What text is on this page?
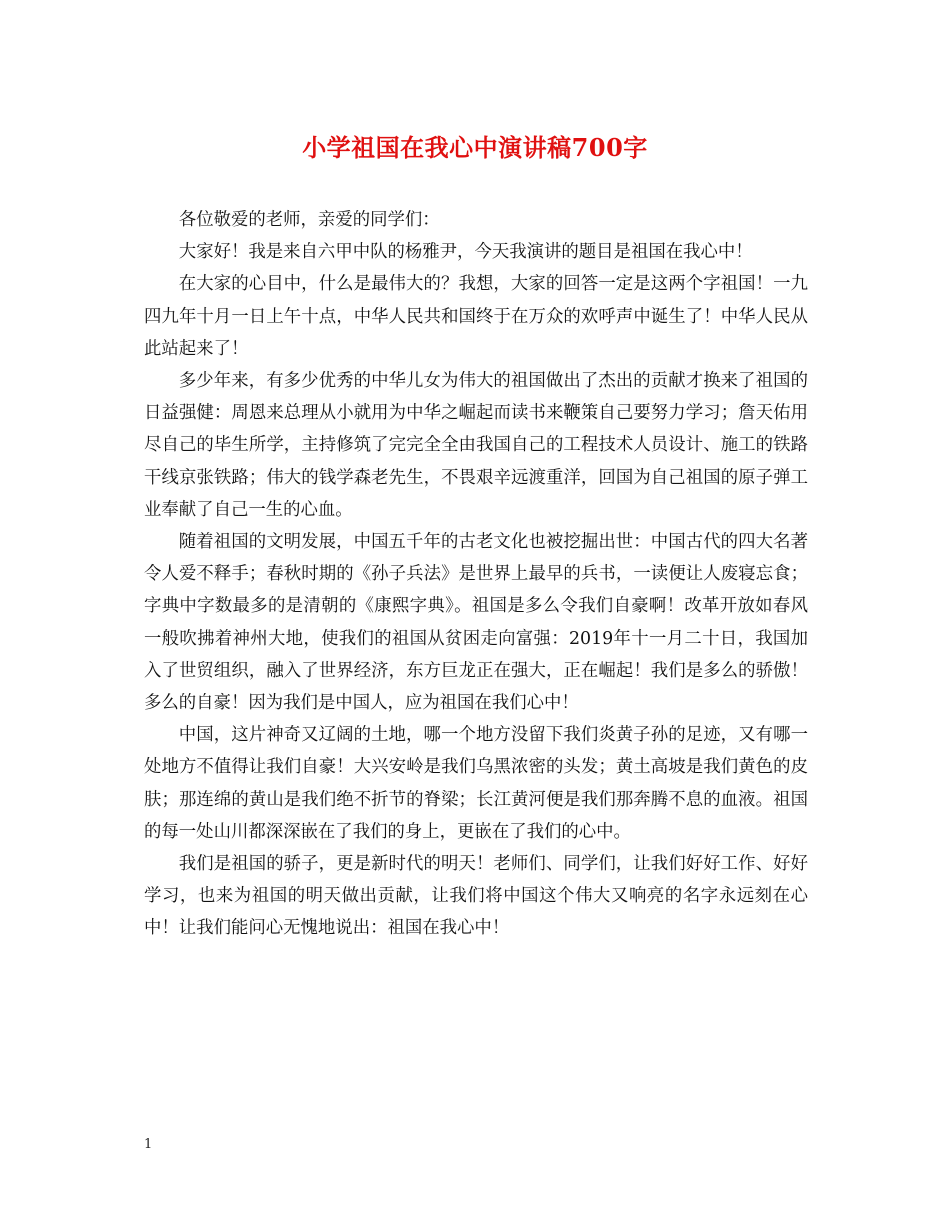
小学祖国在我心中演讲稿700字

各位敬爱的老师，亲爱的同学们：

大家好！我是来自六甲中队的杨雅尹，今天我演讲的题目是祖国在我心中！

在大家的心目中，什么是最伟大的？我想，大家的回答一定是这两个字祖国！一九四九年十月一日上午十点，中华人民共和国终于在万众的欢呼声中诞生了！中华人民从此站起来了！

多少年来，有多少优秀的中华儿女为伟大的祖国做出了杰出的贡献才换来了祖国的日益强健：周恩来总理从小就用为中华之崛起而读书来鞭策自己要努力学习；詹天佑用尽自己的毕生所学，主持修筑了完完全全由我国自己的工程技术人员设计、施工的铁路干线京张铁路；伟大的钱学森老先生，不畏艰辛远渡重洋，回国为自己祖国的原子弹工业奉献了自己一生的心血。

随着祖国的文明发展，中国五千年的古老文化也被挖掘出世：中国古代的四大名著令人爱不释手；春秋时期的《孙子兵法》是世界上最早的兵书，一读便让人废寝忘食；字典中字数最多的是清朝的《康熙字典》。祖国是多么令我们自豪啊！改革开放如春风一般吹拂着神州大地，使我们的祖国从贫困走向富强：2019年十一月二十日，我国加入了世贸组织，融入了世界经济，东方巨龙正在强大，正在崛起！我们是多么的骄傲！多么的自豪！因为我们是中国人，应为祖国在我们心中！

中国，这片神奇又辽阔的土地，哪一个地方没留下我们炎黄子孙的足迹，又有哪一处地方不值得让我们自豪！大兴安岭是我们乌黑浓密的头发；黄土高坡是我们黄色的皮肤；那连绵的黄山是我们绝不折节的脊梁；长江黄河便是我们那奔腾不息的血液。祖国的每一处山川都深深嵌在了我们的身上，更嵌在了我们的心中。

我们是祖国的骄子，更是新时代的明天！老师们、同学们，让我们好好工作、好好学习，也来为祖国的明天做出贡献，让我们将中国这个伟大又响亮的名字永远刻在心中！让我们能问心无愧地说出：祖国在我心中！

1
